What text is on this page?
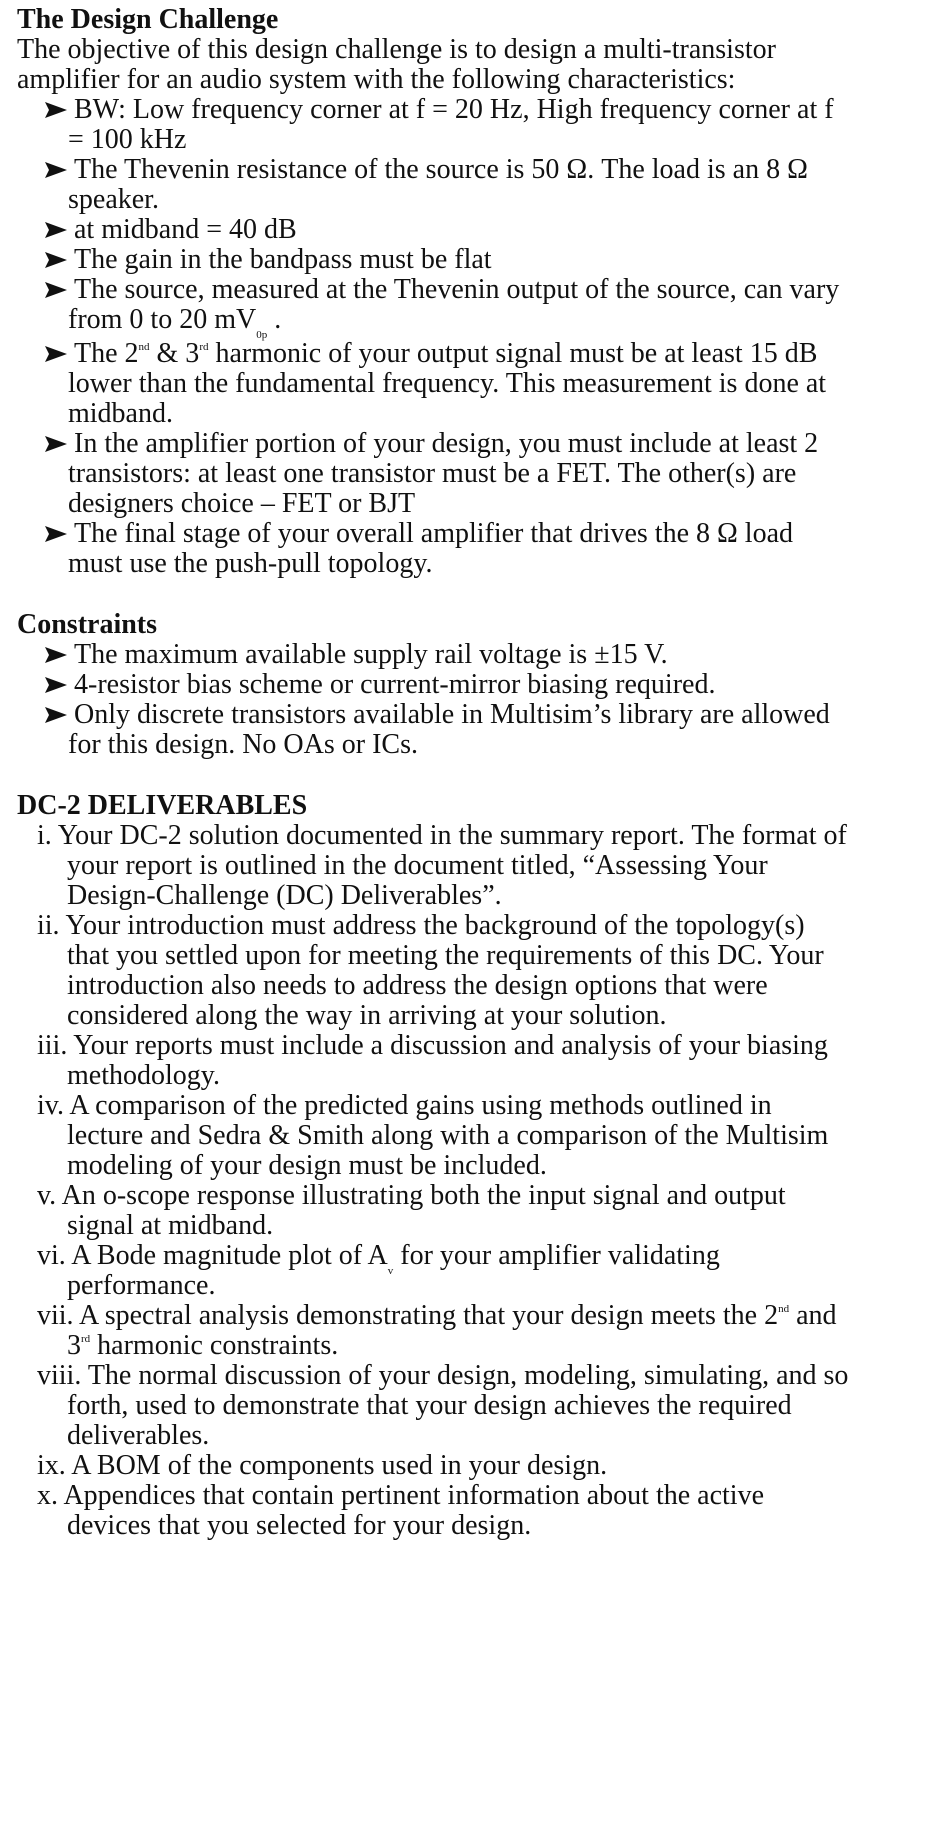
The Design Challenge
The objective of this design challenge is to design a multi-transistor
amplifier for an audio system with the following characteristics:
BW: Low frequency corner at f = 20 Hz, High frequency corner at f
= 100 kHz
The Thevenin resistance of the source is 50 Ω. The load is an 8 Ω
speaker.
at midband = 40 dB
The gain in the bandpass must be flat
The source, measured at the Thevenin output of the source, can vary
from 0 to 20 $mV_{0p}$ .
The 2nd & 3rd harmonic of your output signal must be at least 15 dB
lower than the fundamental frequency. This measurement is done at
midband.
In the amplifier portion of your design, you must include at least 2
transistors: at least one transistor must be a FET. The other(s) are
designers choice – FET or BJT
The final stage of your overall amplifier that drives the 8 Ω load
must use the push-pull topology.
Constraints
The maximum available supply rail voltage is ±15 V.
4-resistor bias scheme or current-mirror biasing required.
Only discrete transistors available in Multisim’s library are allowed
for this design. No OAs or ICs.
DC-2 DELIVERABLES
i. Your DC-2 solution documented in the summary report. The format of
your report is outlined in the document titled, “Assessing Your
Design-Challenge (DC) Deliverables”.
ii. Your introduction must address the background of the topology(s)
that you settled upon for meeting the requirements of this DC. Your
introduction also needs to address the design options that were
considered along the way in arriving at your solution.
iii. Your reports must include a discussion and analysis of your biasing
methodology.
iv. A comparison of the predicted gains using methods outlined in
lecture and Sedra & Smith along with a comparison of the Multisim
modeling of your design must be included.
v. An o-scope response illustrating both the input signal and output
signal at midband.
vi. A Bode magnitude plot of $A_v$ for your amplifier validating
performance.
vii. A spectral analysis demonstrating that your design meets the 2nd and
3rd harmonic constraints.
viii. The normal discussion of your design, modeling, simulating, and so
forth, used to demonstrate that your design achieves the required
deliverables.
ix. A BOM of the components used in your design.
x. Appendices that contain pertinent information about the active
devices that you selected for your design.
